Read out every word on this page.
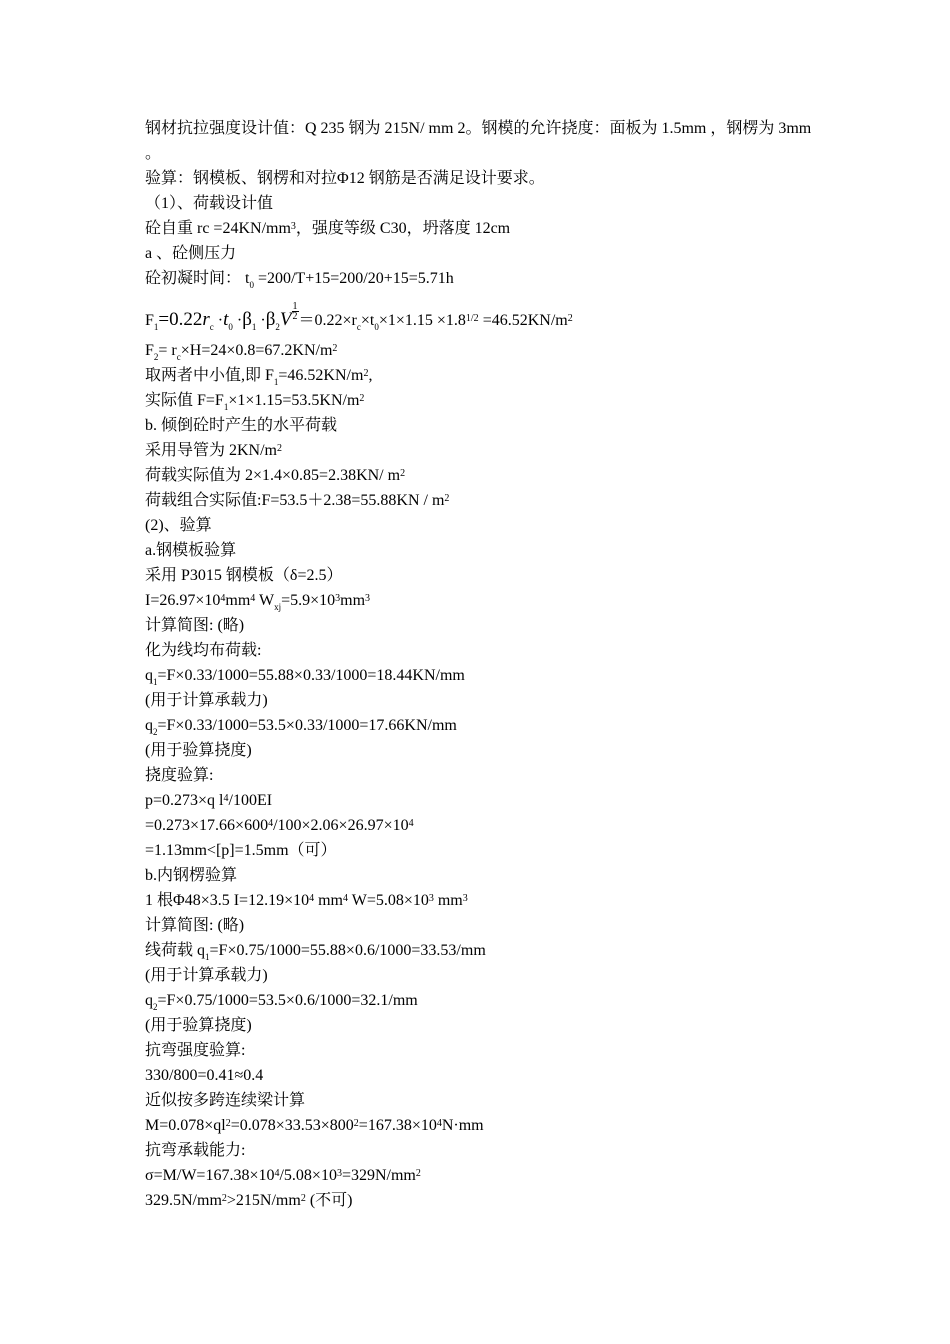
钢材抗拉强度设计值：Q 235 钢为 215N/ mm 2。钢模的允许挠度：面板为 1.5mm ，钢楞为 3mm 。
验算：钢模板、钢楞和对拉Φ12 钢筋是否满足设计要求。
（1）、荷载设计值
砼自重 rc $=24KN/mm^3$，强度等级 C30，坍落度 12cm
a 、砼侧压力
砼初凝时间： $t_0 =200/T+15=200/20+15=5.71h$
$F_1=0.22r_c \cdot t_0 \cdot\beta_1 \cdot\beta_2V \frac{1}{2} =0.22\times r_c\times t_0\times 1\times 1.15 \times 1.8^{1/2} =46.52KN/m^2$
$F_2= r_c\times H=24\times 0.8=67.2KN/m^2$
取两者中小值,即 $F_1=46.52KN/m^2$,
实际值 $F=F_1\times 1\times 1.15=53.5KN/m^2$
b. 倾倒砼时产生的水平荷载
采用导管为 $2KN/m^2$
荷载实际值为 2×1.4×0.85=2.38KN/ $m^2$
荷载组合实际值:F=53.5＋2.38=55.88KN / $m^2$
(2)、验算
a.钢模板验算
采用 P3015 钢模板（δ=2.5）
$I=26.97\times 10^4mm^4$ $W_{xj}=5.9\times 10^3mm^3$
计算简图: (略)
化为线均布荷载:
$q_1=F\times 0.33/1000=55.88\times 0.33/1000=18.44KN/mm$
(用于计算承载力)
$q_2=F\times 0.33/1000=53.5\times 0.33/1000=17.66KN/mm$
(用于验算挠度)
挠度验算:
p=0.273×q $l^4/100EI$
$=0.273\times 17.66\times 600^4/100\times 2.06\times 26.97\times 10^4$
=1.13mm<[p]=1.5mm（可）
b.内钢楞验算
1 根Φ48×3.5 $I=12.19\times 10^4$ $mm^4$ $W=5.08\times 10^3$ $mm^3$
计算简图: (略)
线荷载 $q_1=F\times 0.75/1000=55.88\times 0.6/1000=33.53/mm$
(用于计算承载力)
$q_2=F\times 0.75/1000=53.5\times 0.6/1000=32.1/mm$
(用于验算挠度)
抗弯强度验算:
330/800=0.41≈0.4
近似按多跨连续梁计算
$M=0.078\times ql^2=0.078\times 33.53\times 800^2=167.38\times 10^4N\cdot mm$
抗弯承载能力:
$\sigma=M/W=167.38\times 10^4/5.08\times 10^3=329N/mm^2$
$329.5N/mm^2>215N/mm^2$ (不可)
